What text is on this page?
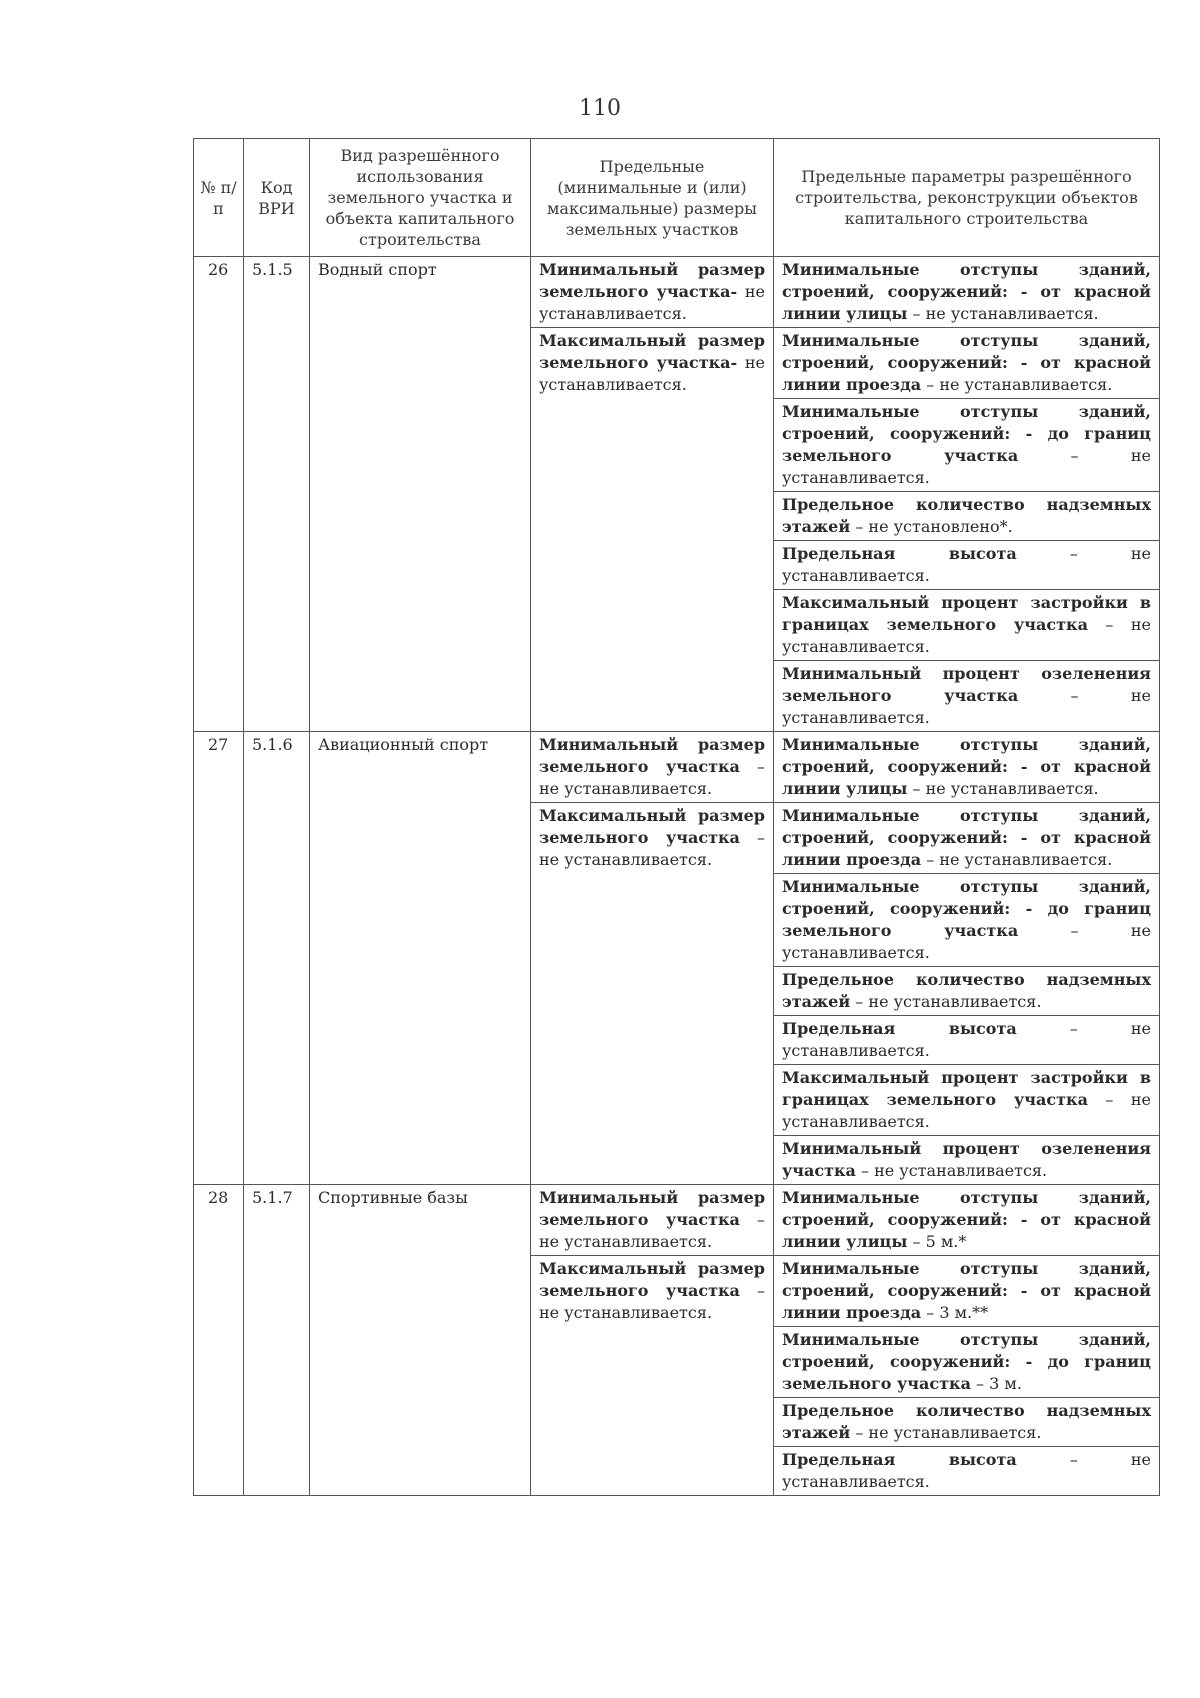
110
№ п/п	Код ВРИ	Вид разрешённого использования земельного участка и объекта капитального строительства	Предельные (минимальные и (или) максимальные) размеры земельных участков	Предельные параметры разрешённого строительства, реконструкции объектов капитального строительства
26	5.1.5	Водный спорт	Минимальный размер земельного участка- не устанавливается.	Минимальные отступы зданий, строений, сооружений: - от красной линии улицы – не устанавливается.
			Максимальный размер земельного участка- не устанавливается.	Минимальные отступы зданий, строений, сооружений: - от красной линии проезда – не устанавливается.
				Минимальные отступы зданий, строений, сооружений: - до границ земельного участка – не устанавливается.
				Предельное количество надземных этажей – не установлено*.
				Предельная высота – не устанавливается.
				Максимальный процент застройки в границах земельного участка – не устанавливается.
				Минимальный процент озеленения земельного участка – не устанавливается.
27	5.1.6	Авиационный спорт	Минимальный размер земельного участка – не устанавливается.	Минимальные отступы зданий, строений, сооружений: - от красной линии улицы – не устанавливается.
			Максимальный размер земельного участка – не устанавливается.	Минимальные отступы зданий, строений, сооружений: - от красной линии проезда – не устанавливается.
				Минимальные отступы зданий, строений, сооружений: - до границ земельного участка – не устанавливается.
				Предельное количество надземных этажей – не устанавливается.
				Предельная высота – не устанавливается.
				Максимальный процент застройки в границах земельного участка – не устанавливается.
				Минимальный процент озеленения участка – не устанавливается.
28	5.1.7	Спортивные базы	Минимальный размер земельного участка – не устанавливается.	Минимальные отступы зданий, строений, сооружений: - от красной линии улицы – 5 м.*
			Максимальный размер земельного участка – не устанавливается.	Минимальные отступы зданий, строений, сооружений: - от красной линии проезда – 3 м.**
				Минимальные отступы зданий, строений, сооружений: - до границ земельного участка – 3 м.
				Предельное количество надземных этажей – не устанавливается.
				Предельная высота – не устанавливается.
